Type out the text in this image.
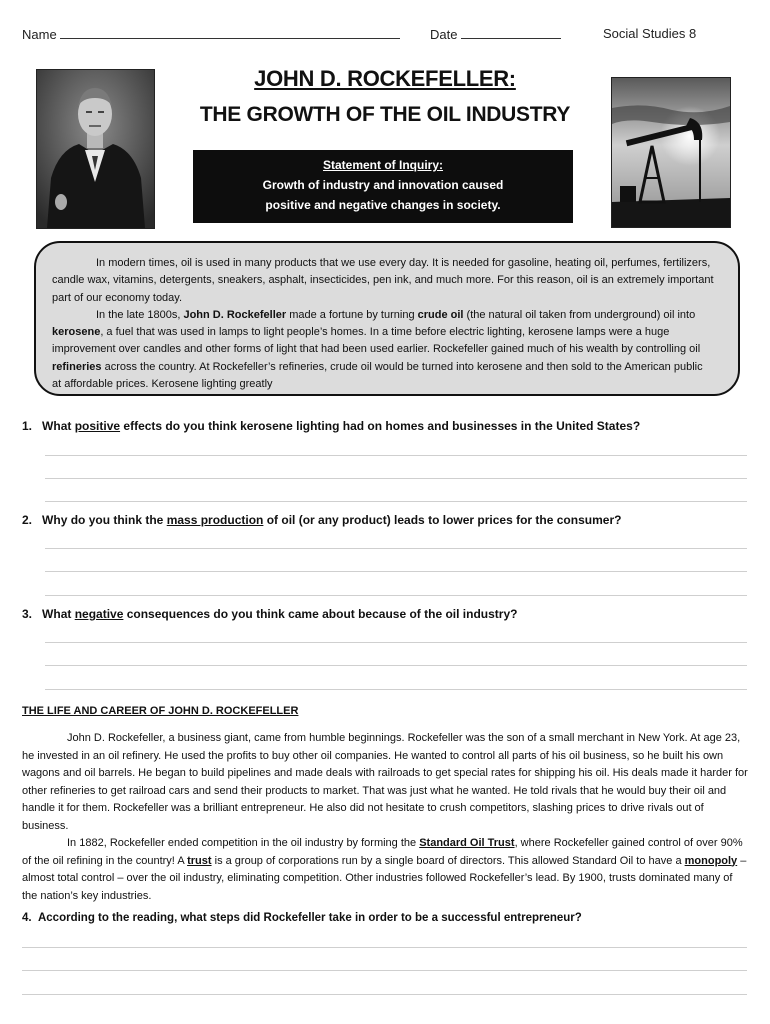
Name	Date	Social Studies 8
JOHN D. ROCKEFELLER:
THE GROWTH OF THE OIL INDUSTRY
Statement of Inquiry:
Growth of industry and innovation caused
positive and negative changes in society.

In modern times, oil is used in many products that we use every day. It is needed for gasoline, heating oil, perfumes, fertilizers, candle wax, vitamins, detergents, sneakers, asphalt, insecticides, pen ink, and much more. For this reason, oil is an extremely important part of our economy today.

In the late 1800s, John D. Rockefeller made a fortune by turning crude oil (the natural oil taken from underground) oil into kerosene, a fuel that was used in lamps to light people’s homes. In a time before electric lighting, kerosene lamps were a huge improvement over candles and other forms of light that had been used earlier. Rockefeller gained much of his wealth by controlling oil refineries across the country. At Rockefeller’s refineries, crude oil would be turned into kerosene and then sold to the American public at affordable prices. Kerosene lighting greatly

1. What positive effects do you think kerosene lighting had on homes and businesses in the United States?
2. Why do you think the mass production of oil (or any product) leads to lower prices for the consumer?
3. What negative consequences do you think came about because of the oil industry?
THE LIFE AND CAREER OF JOHN D. ROCKEFELLER

John D. Rockefeller, a business giant, came from humble beginnings. Rockefeller was the son of a small merchant in New York. At age 23, he invested in an oil refinery. He used the profits to buy other oil companies. He wanted to control all parts of his oil business, so he built his own wagons and oil barrels. He began to build pipelines and made deals with railroads to get special rates for shipping his oil. His deals made it harder for other refineries to get railroad cars and send their products to market. That was just what he wanted. He told rivals that he would buy their oil and handle it for them. Rockefeller was a brilliant entrepreneur. He also did not hesitate to crush competitors, slashing prices to drive rivals out of business.

In 1882, Rockefeller ended competition in the oil industry by forming the Standard Oil Trust, where Rockefeller gained control of over 90% of the oil refining in the country! A trust is a group of corporations run by a single board of directors. This allowed Standard Oil to have a monopoly – almost total control – over the oil industry, eliminating competition. Other industries followed Rockefeller’s lead. By 1900, trusts dominated many of the nation’s key industries.

4. According to the reading, what steps did Rockefeller take in order to be a successful entrepreneur?
